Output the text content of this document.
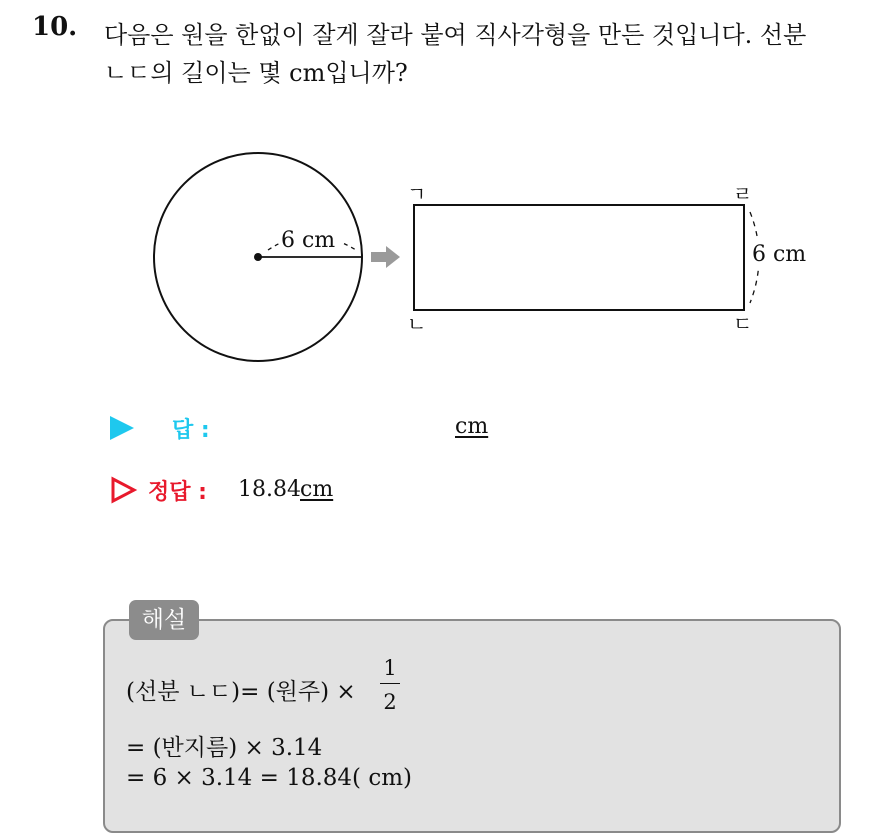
10. 다음은 원을 한없이 잘게 잘라 붙여 직사각형을 만든 것입니다. 선분
ㄴㄷ의 길이는 몇 cm입니까?
6 cm
6 cm
ㄱ	ㄹ
ㄴ	ㄷ
답 :	cm
정답 : 18.84 cm
해설
(선분 ㄴㄷ)= (원주) ×
1
2
= (반지름) × 3.14
= 6 × 3.14 = 18.84( cm)
